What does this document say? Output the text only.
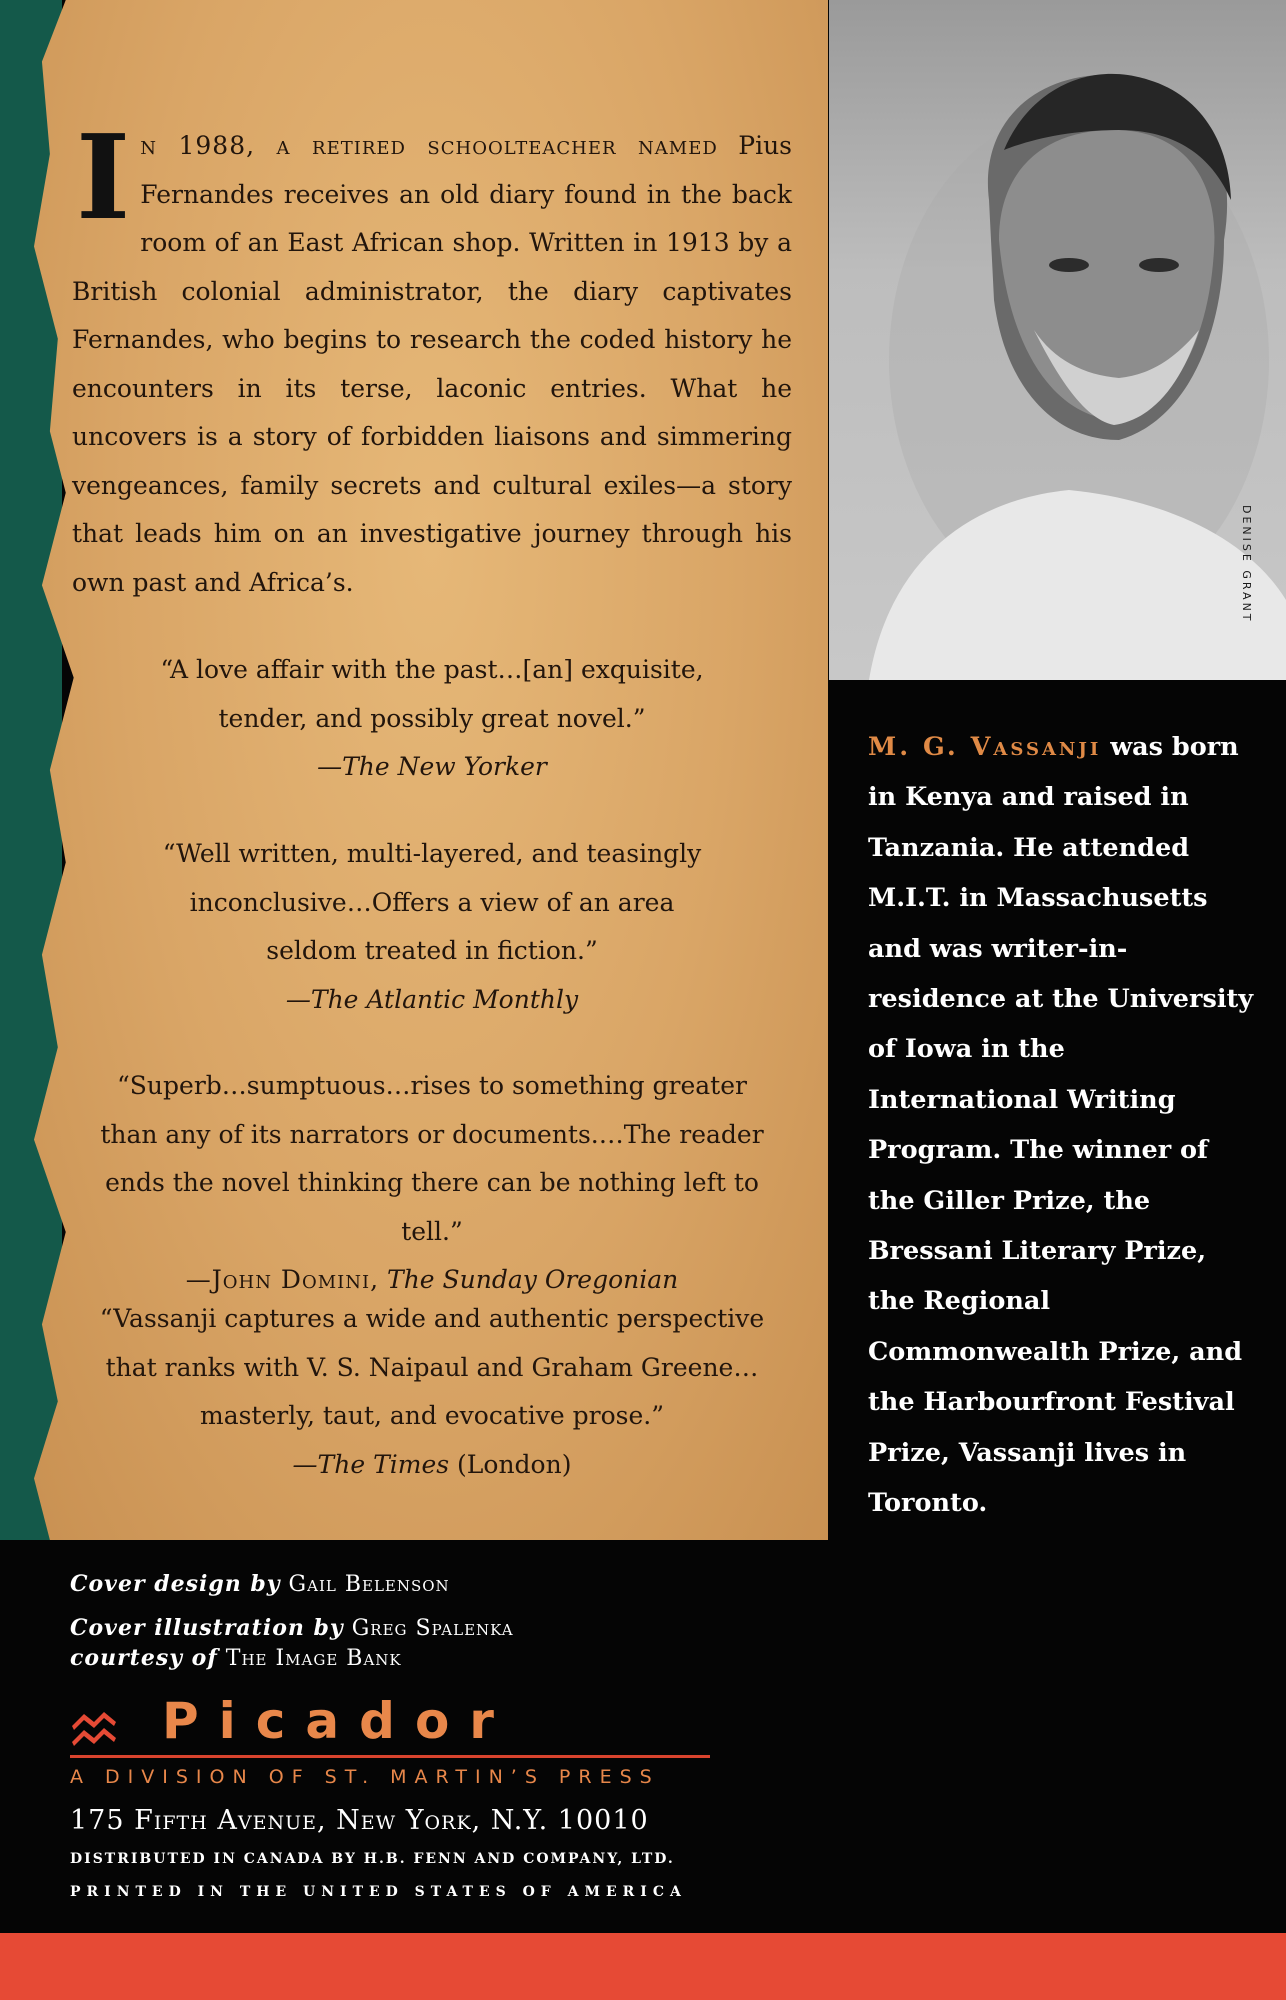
In 1988, a retired schoolteacher named Pius Fernandes receives an old diary found in the back room of an East African shop. Written in 1913 by a British colonial administrator, the diary captivates Fernandes, who begins to research the coded history he encounters in its terse, laconic entries. What he uncovers is a story of forbidden liaisons and simmering vengeances, family secrets and cultural exiles—a story that leads him on an investigative journey through his own past and Africa’s.
“A love affair with the past…[an] exquisite,
tender, and possibly great novel.”
—The New Yorker
“Well written, multi-layered, and teasingly
inconclusive…Offers a view of an area
seldom treated in fiction.”
—The Atlantic Monthly
“Superb…sumptuous…rises to something greater
than any of its narrators or documents.…The reader
ends the novel thinking there can be nothing left to tell.”
—John Domini, The Sunday Oregonian
“Vassanji captures a wide and authentic perspective
that ranks with V. S. Naipaul and Graham Greene…
masterly, taut, and evocative prose.”
—The Times (London)
M. G. Vassanji was born in Kenya and raised in Tanzania. He attended M.I.T. in Massachusetts and was writer-in-residence at the University of Iowa in the International Writing Program. The winner of the Giller Prize, the Bressani Literary Prize, the Regional Commonwealth Prize, and the Harbourfront Festival Prize, Vassanji lives in Toronto.
Cover design by Gail Belenson
Cover illustration by Greg Spalenka
courtesy of The Image Bank
Picador
A DIVISION OF ST. MARTIN’S PRESS
175 Fifth Avenue, New York, N.Y. 10010
DISTRIBUTED IN CANADA BY H.B. FENN AND COMPANY, LTD.
PRINTED IN THE UNITED STATES OF AMERICA
